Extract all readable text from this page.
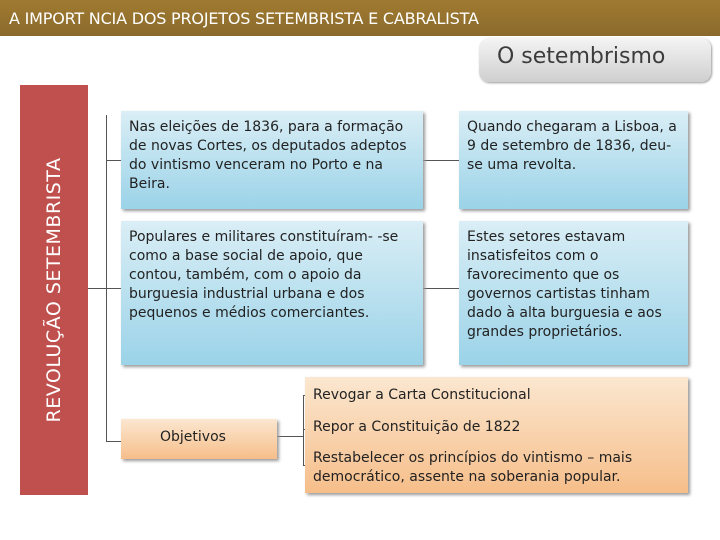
A IMPORT NCIA DOS PROJETOS SETEMBRISTA E CABRALISTA
O setembrismo
REVOLUÇÃO SETEMBRISTA

Nas eleições de 1836, para a formação de novas Cortes, os deputados adeptos do vintismo venceram no Porto e na Beira.

Quando chegaram a Lisboa, a 9 de setembro de 1836, deu-se uma revolta.

Populares e militares constituíram- -se como a base social de apoio, que contou, também, com o apoio da burguesia industrial urbana e dos pequenos e médios comerciantes.

Estes setores estavam insatisfeitos com o favorecimento que os governos cartistas tinham dado à alta burguesia e aos grandes proprietários.

Objetivos
Revogar a Carta Constitucional
Repor a Constituição de 1822

Restabelecer os princípios do vintismo – mais democrático, assente na soberania popular.
